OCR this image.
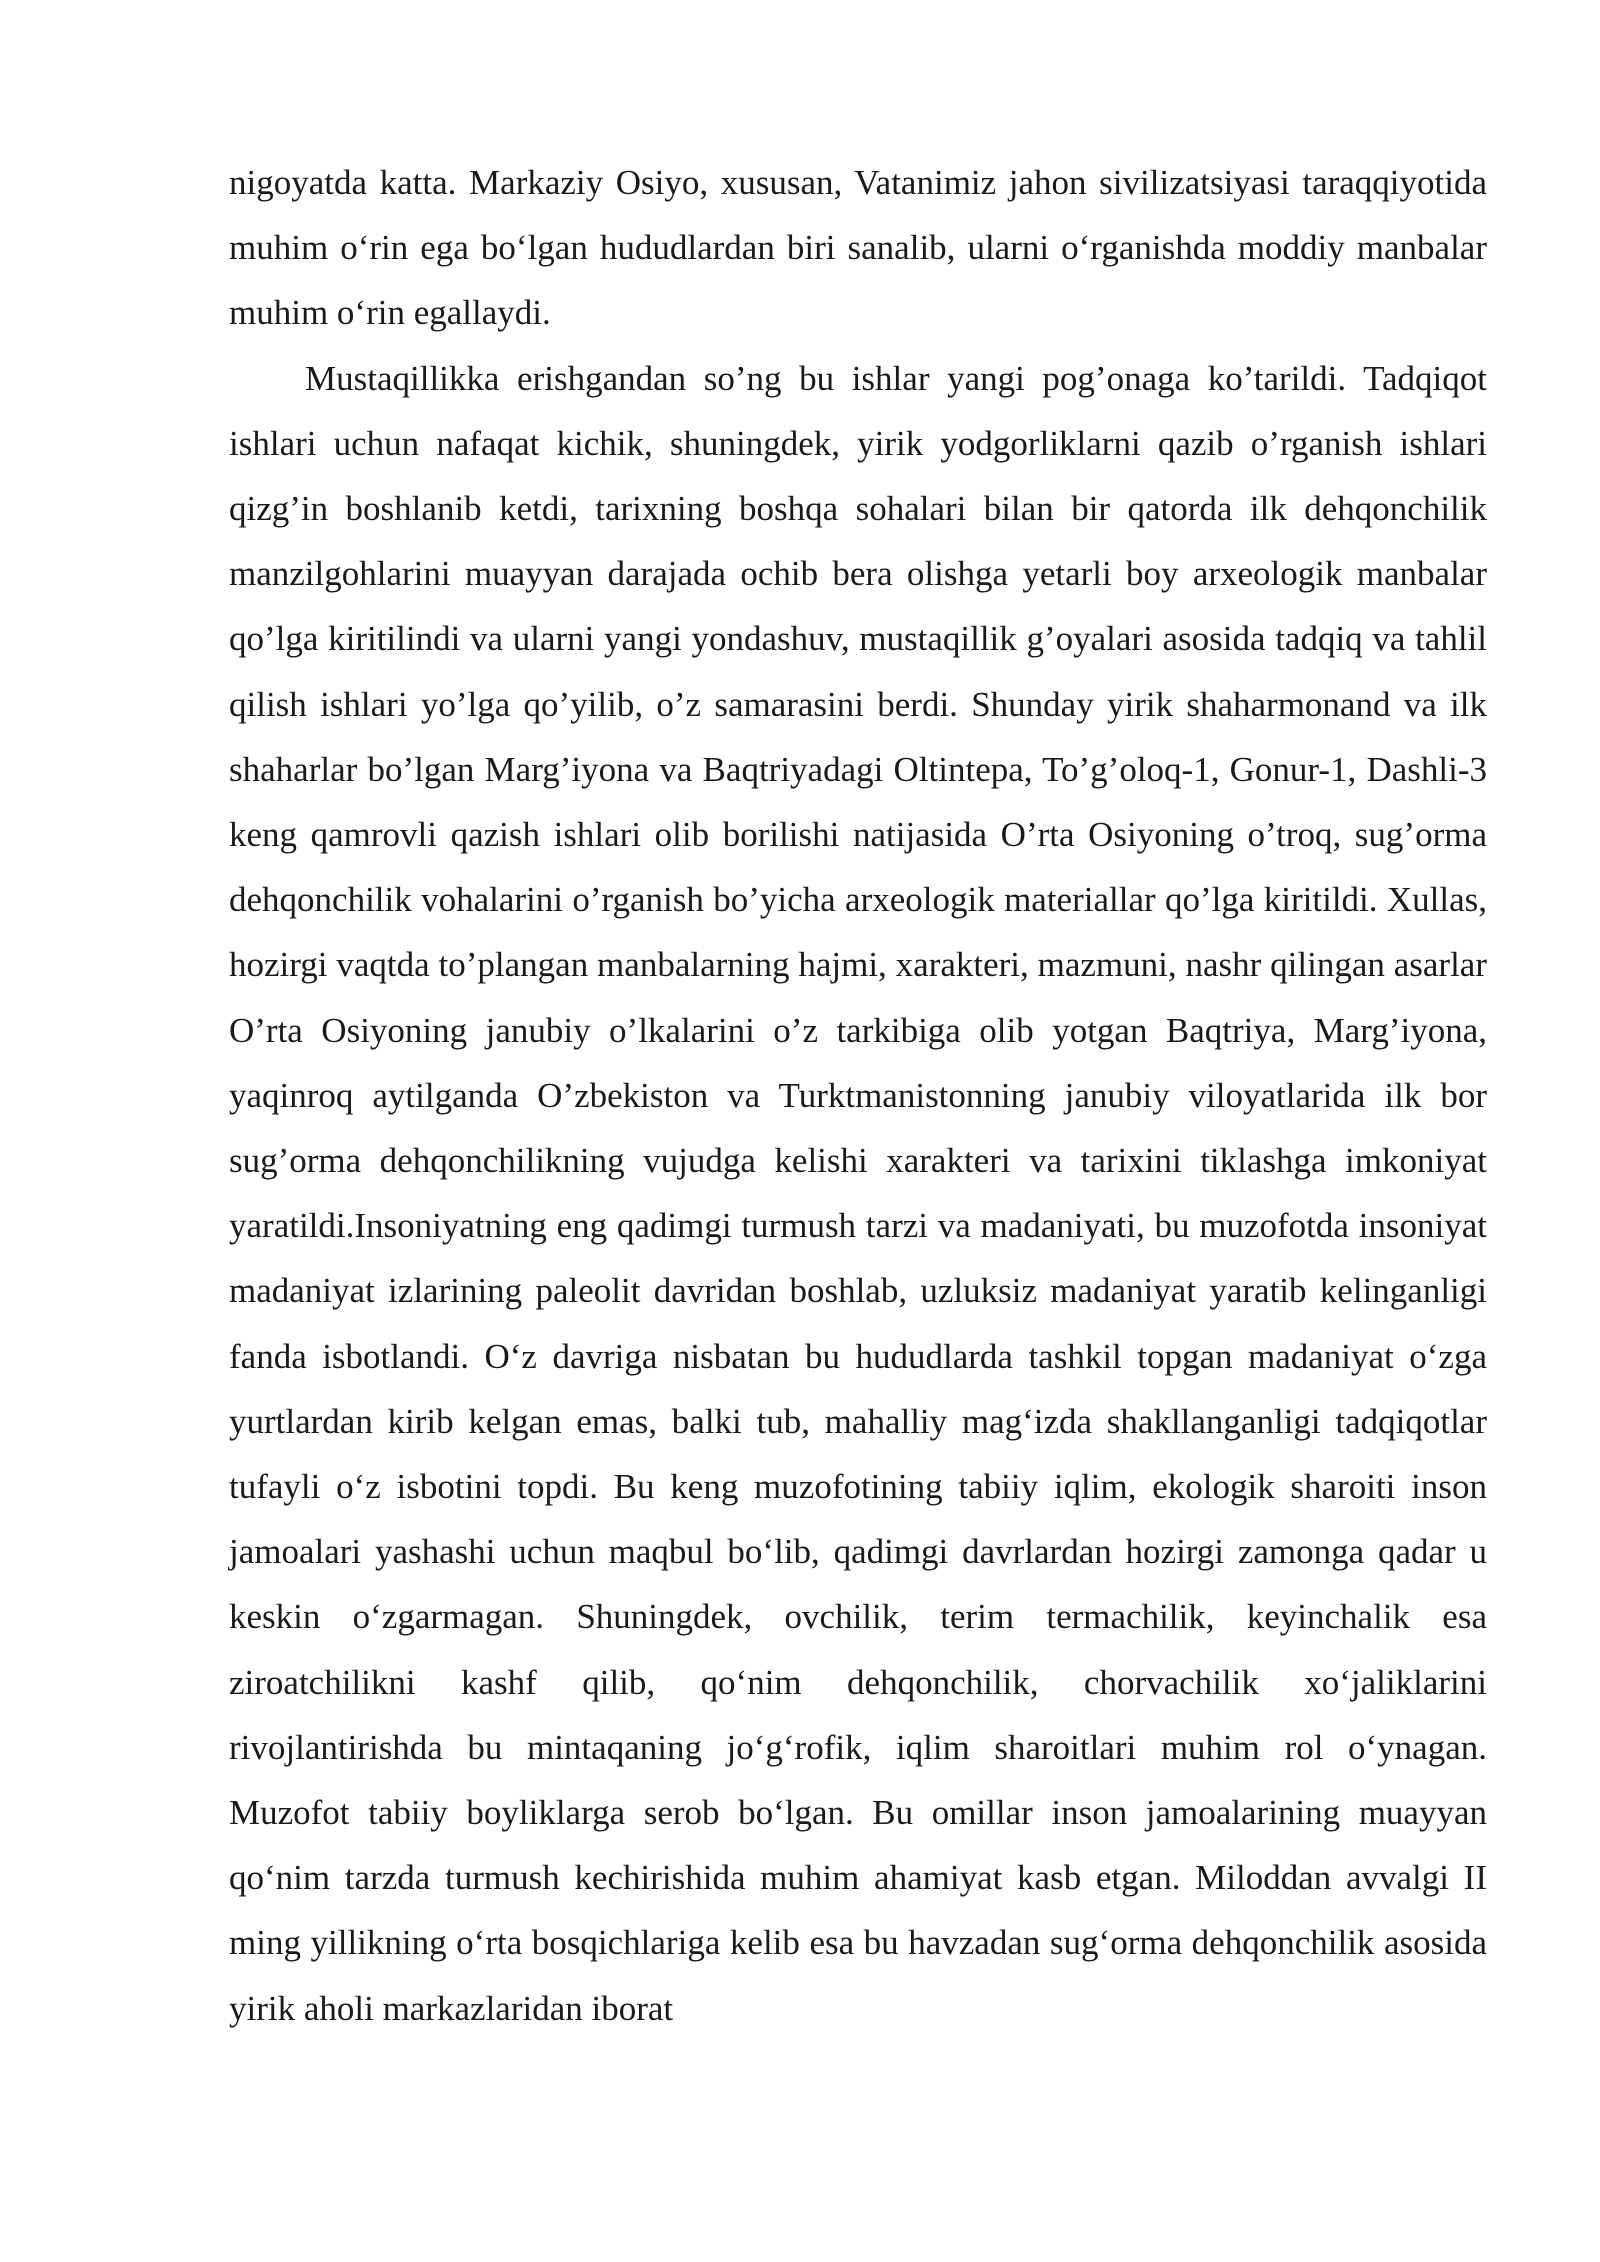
nigoyatda katta. Markaziy Osiyo, xususan, Vatanimiz jahon sivilizatsiyasi taraqqiyotida muhim o‘rin ega bo‘lgan hududlardan biri sanalib, ularni o‘rganishda moddiy manbalar muhim o‘rin egallaydi.

Mustaqillikka erishgandan so’ng bu ishlar yangi pog’onaga ko’tarildi. Tadqiqot ishlari uchun nafaqat kichik, shuningdek, yirik yodgorliklarni qazib o’rganish ishlari qizg’in boshlanib ketdi, tarixning boshqa sohalari bilan bir qatorda ilk dehqonchilik manzilgohlarini muayyan darajada ochib bera olishga yetarli boy arxeologik manbalar qo’lga kiritilindi va ularni yangi yondashuv, mustaqillik g’oyalari asosida tadqiq va tahlil qilish ishlari yo’lga qo’yilib, o’z samarasini berdi. Shunday yirik shaharmonand va ilk shaharlar bo’lgan Marg’iyona va Baqtriyadagi Oltintepa, To’g’oloq-1, Gonur-1, Dashli-3 keng qamrovli qazish ishlari olib borilishi natijasida O’rta Osiyoning o’troq, sug’orma dehqonchilik vohalarini o’rganish bo’yicha arxeologik materiallar qo’lga kiritildi. Xullas, hozirgi vaqtda to’plangan manbalarning hajmi, xarakteri, mazmuni, nashr qilingan asarlar O’rta Osiyoning janubiy o’lkalarini o’z tarkibiga olib yotgan Baqtriya, Marg’iyona, yaqinroq aytilganda O’zbekiston va Turktmanistonning janubiy viloyatlarida ilk bor sug’orma dehqonchilikning vujudga kelishi xarakteri va tarixini tiklashga imkoniyat yaratildi.Insoniyatning eng qadimgi turmush tarzi va madaniyati, bu muzofotda insoniyat madaniyat izlarining paleolit davridan boshlab, uzluksiz madaniyat yaratib kelinganligi fanda isbotlandi. O‘z davriga nisbatan bu hududlarda tashkil topgan madaniyat o‘zga yurtlardan kirib kelgan emas, balki tub, mahalliy mag‘izda shakllanganligi tadqiqotlar tufayli o‘z isbotini topdi. Bu keng muzofotining tabiiy iqlim, ekologik sharoiti inson jamoalari yashashi uchun maqbul bo‘lib, qadimgi davrlardan hozirgi zamonga qadar u keskin o‘zgarmagan. Shuningdek, ovchilik, terim termachilik, keyinchalik esa ziroatchilikni kashf qilib, qo‘nim dehqonchilik, chorvachilik xo‘jaliklarini rivojlantirishda bu mintaqaning jo‘g‘rofik, iqlim sharoitlari muhim rol o‘ynagan. Muzofot tabiiy boyliklarga serob bo‘lgan. Bu omillar inson jamoalarining muayyan qo‘nim tarzda turmush kechirishida muhim ahamiyat kasb etgan. Miloddan avvalgi II ming yillikning o‘rta bosqichlariga kelib esa bu havzadan sug‘orma dehqonchilik asosida yirik aholi markazlaridan iborat
